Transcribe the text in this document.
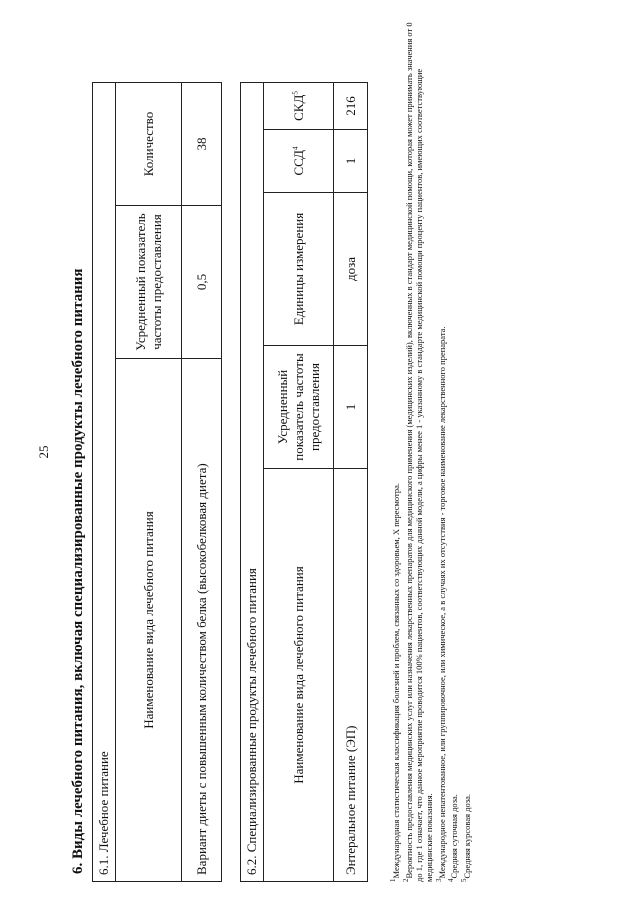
25 6. Виды лечебного питания, включая специализированные продукты лечебного питания 6.1. Лечебное питание		
Наименование вида лечебного питания	Усредненный показатель частоты предоставления	Количество
Вариант диеты с повышенным количеством белка (высокобелковая диета)	0,5	38
6.2. Специализированные продукты лечебного питания				
Наименование вида лечебного питания	Усредненный показатель частоты предоставления	Единицы измерения	ССД$^4$	СКД$^5$
Энтеральное питание (ЭП)	1	доза	1	216

$^1$Международная статистическая классификация болезней и проблем, связанных со здоровьем, X пересмотра.

$^2$Вероятность предоставления медицинских услуг или назначения лекарственных препаратов для медицинского применения (медицинских изделий), включенных в стандарт медицинской помощи, которая может принимать значения от 0 до 1, где 1 означает, что данное мероприятие проводится 100% пациентов, соответствующих данной модели, а цифры менее 1 - указанному в стандарте медицинской помощи проценту пациентов, имеющих соответствующие медицинские показания. $^3$Международное непатентованное, или группировочное, или химическое, а в случаях их отсутствия - торговое наименование лекарственного препарата.

$^4$Средняя суточная доза.

$^5$Средняя курсовая доза.
